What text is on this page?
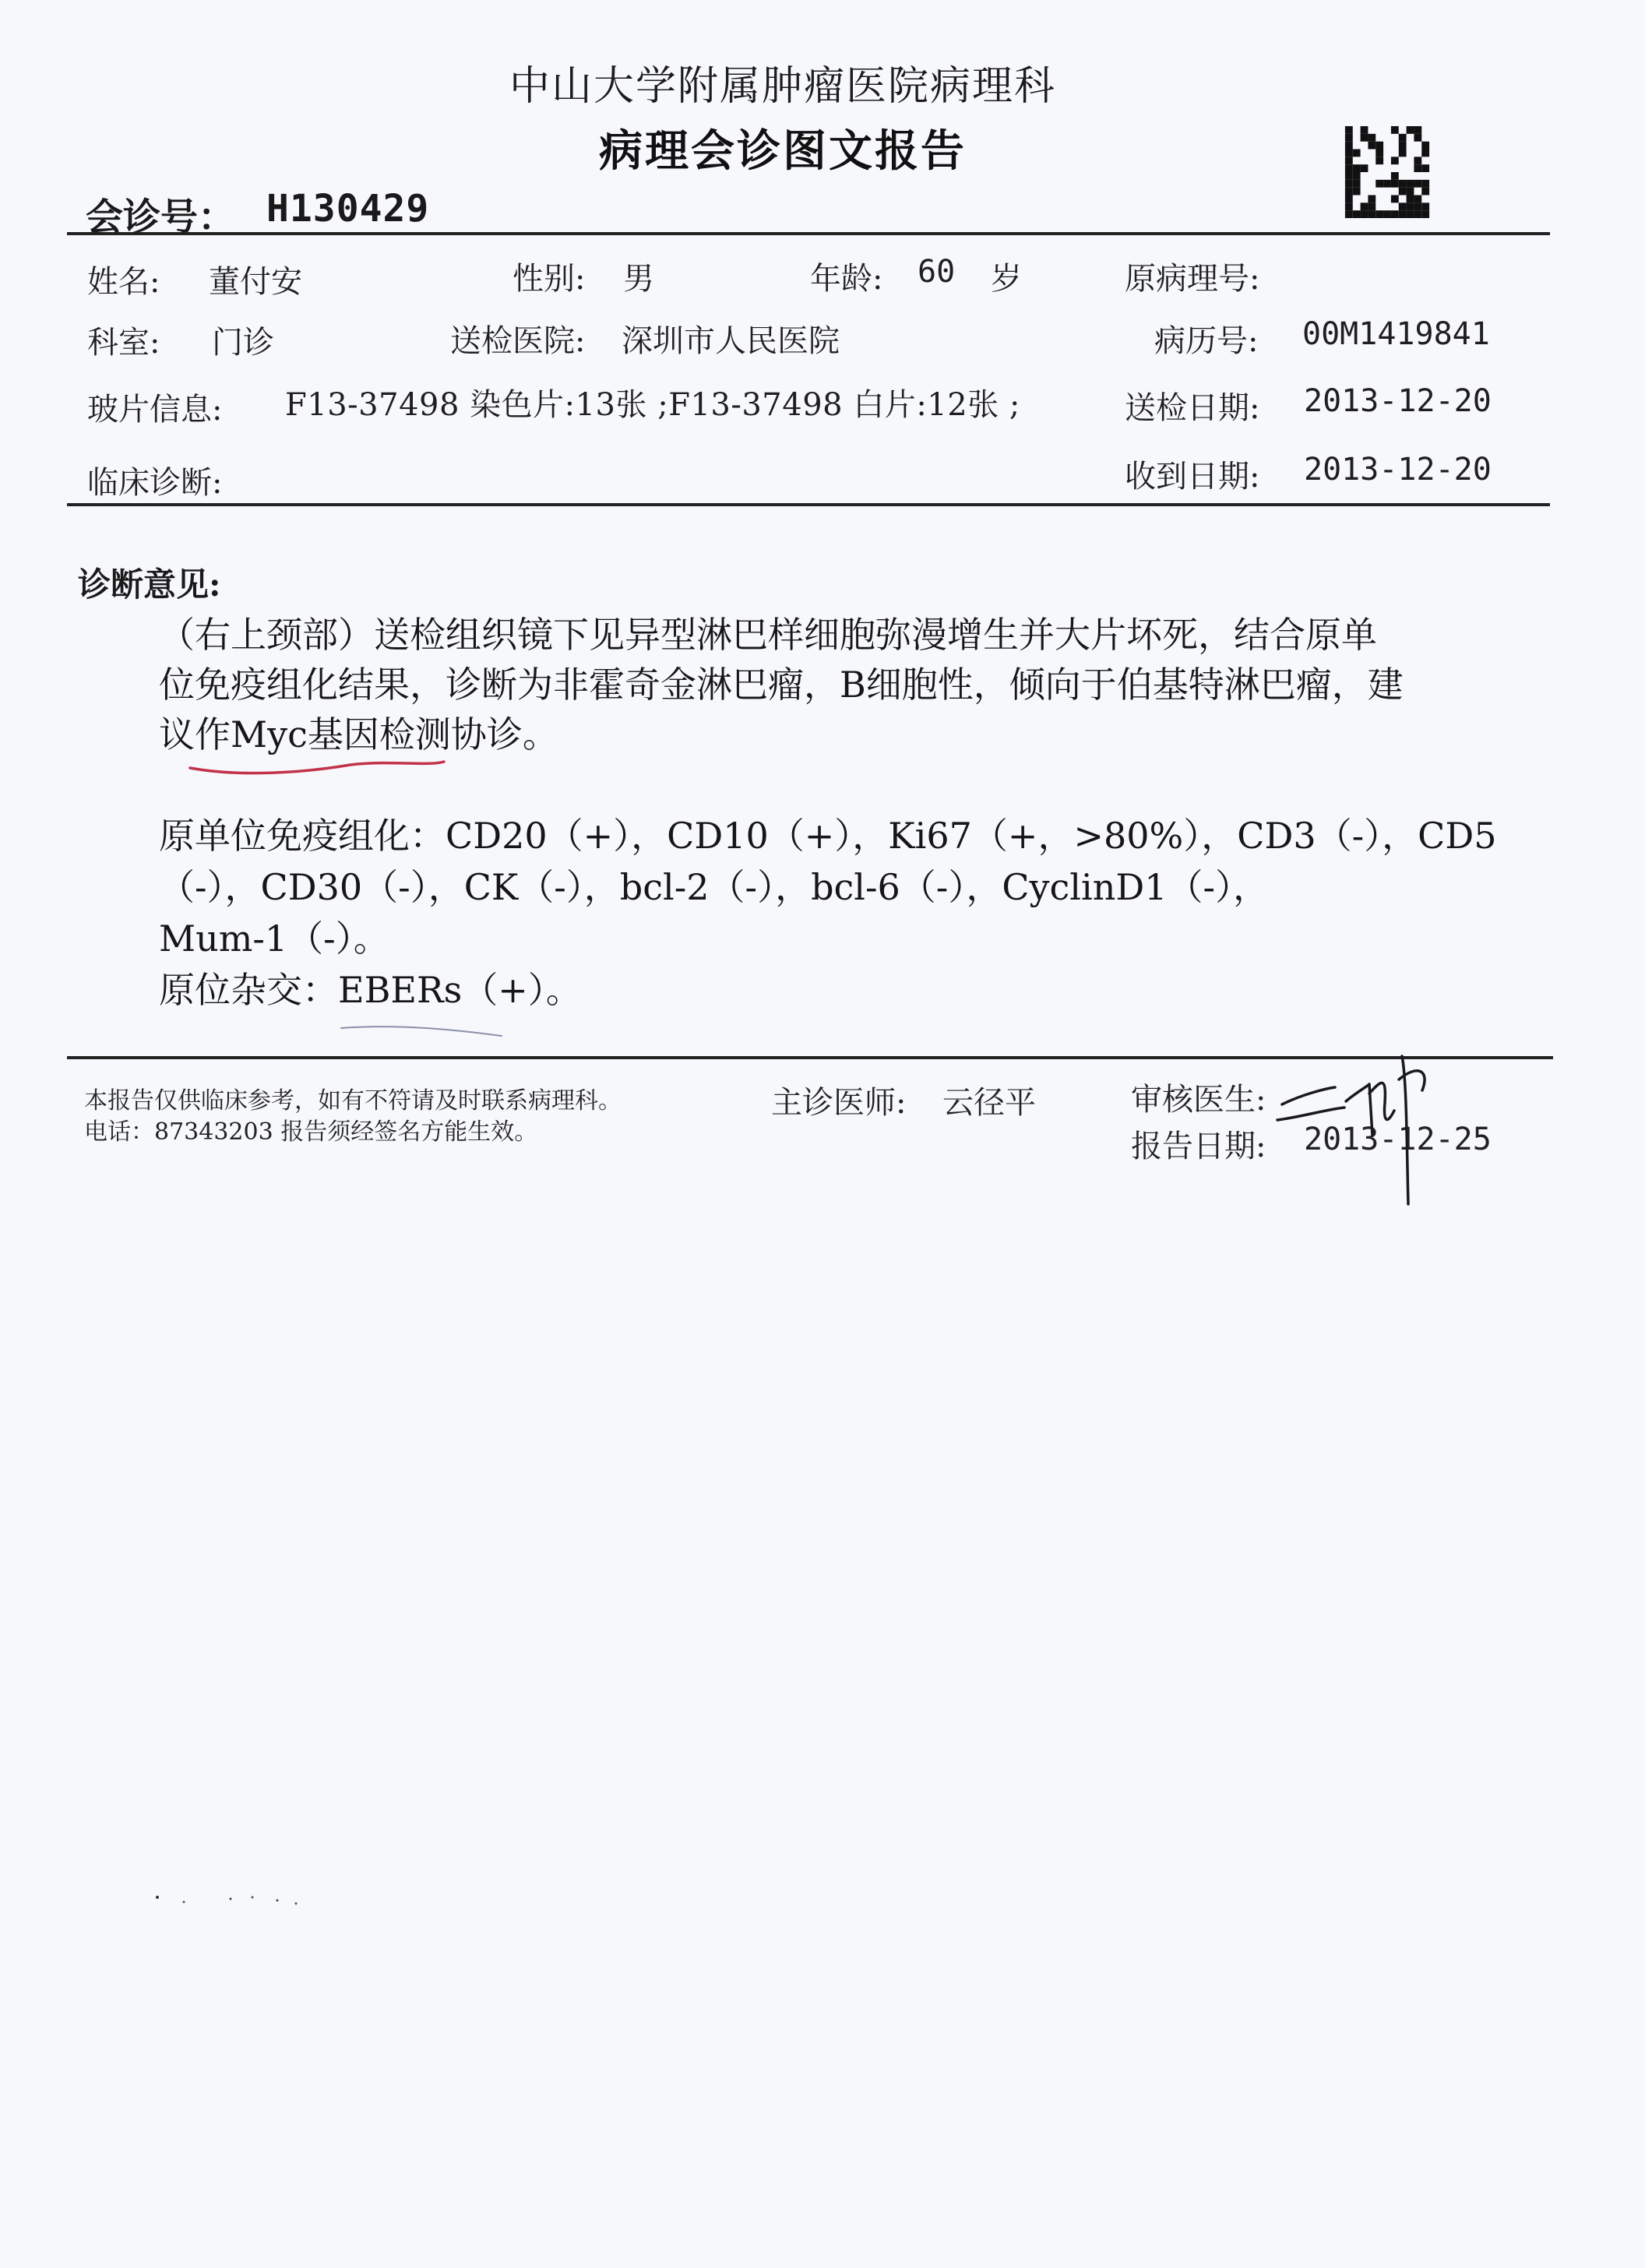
中山大学附属肿瘤医院病理科
病理会诊图文报告
会诊号： H130429
姓名: 董付安	性别: 男	年龄: 60 岁	原病理号:
科室: 门诊	送检医院: 深圳市人民医院	病历号: 00M1419841
玻片信息: F13-37498 染色片:13张 ;F13-37498 白片:12张 ;	送检日期: 2013-12-20
临床诊断:	收到日期: 2013-12-20
诊断意见:
（右上颈部）送检组织镜下见异型淋巴样细胞弥漫增生并大片坏死，结合原单
位免疫组化结果，诊断为非霍奇金淋巴瘤，B细胞性，倾向于伯基特淋巴瘤，建
议作Myc基因检测协诊。
原单位免疫组化：CD20（+），CD10（+），Ki67（+，>80%），CD3（-），CD5
（-），CD30（-），CK（-），bcl-2（-），bcl-6（-），CyclinD1（-），
Mum-1（-）。
原位杂交：EBERs（+）。
本报告仅供临床参考，如有不符请及时联系病理科。
电话：87343203 报告须经签名方能生效。
主诊医师: 云径平	审核医生:
报告日期: 2013-12-25
